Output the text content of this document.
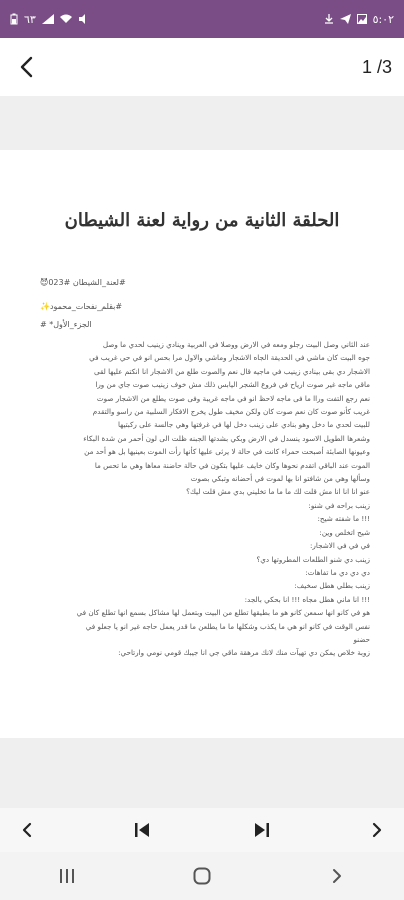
٦٣	٥:٠٢
1 /3
الحلقة الثانية من رواية لعنة الشيطان
#لعنة_الشيطان #023😈
#بقلم_نفحات_محمود✨
الجزء_الأول* #

عند الثاني وصل البيت رجلو ومعه في الارض ووصلا في العربية وينادي زينيب لحدي ما وصل

جوه البيت كان ماشي في الحديقة الجاه الاشجار وماشي والاول مرا بحس انو في حي غريب في

الاشجار دي بقى بينادي زينيب في ماجيه قال نعم والصوت طلع من الاشجار انا انكتم عليها لقى

ماقي ماجه غير صوت ارياح في فروع الشجر اليابس ذلك مش خوف زينيب صوت جاي من ورا

نعم رجع التفت وراا ما فى ماجه لاحظ انو في ماجه غريبة وفى صوت يطلع من الاشجار صوت

غريب كأنو صوت كان نعم صوت كان ولكن مخيف طول يخرج الافكار السلبية من راسو والتقدم

للبيت لحدي ما دخل وهو بنادي على زينب دخل لها في غرفتها وهي جالسة على ركبتيها

وشعرها الطويل الاسود ينسدل في الارض وبكي بشدتها الجبنه ظلت الى لون أحمر من شدة البكاء

وعيونها الصابئة أصبحت حمراء كانت في حالة لا يرثى عليها كأنها رأت الموت بعينيها بل هو أحد من

الموت عند الباقي اتقدم نحوها وكان خايف عليها بتكون في حالة حاضنة معاها وهي ما تحس ما

وسألها وهي من شافتو انا بها لموت في أحضانه وتبكي بصوت

عنو انا انا انا مش قلت لك ما ما ما تخليني بدي مش قلت ليك؟

زينب براحه في شنو:

!!! ما شفته شيح:

شيح اتخلص وين:

في في في الاشجار:

زينب دي شنو الطلعات المطروتها دي؟

دي دي دي ما تفاهات:

زينب بطلي هطل سخيف:

!!! انا ماني هطل مجاه !!! انا بحكي بالجد:

هو في كانو انها سمعن كانو هو ما بطيقها تطلع من البيت وبتعمل لها مشاكل بسمع انها تطلع كان في

نفس الوقت في كانو انو هي ما يكذب وشكلها ما ما يطلعن ما قدر يعمل حاجه غير انو يا جعلو في

حضنو

زوبة خلاص يمكن دي تهيآت منك لانك مرهقة ماقي جي انا جيبك قومي نومي وارتاحي:
